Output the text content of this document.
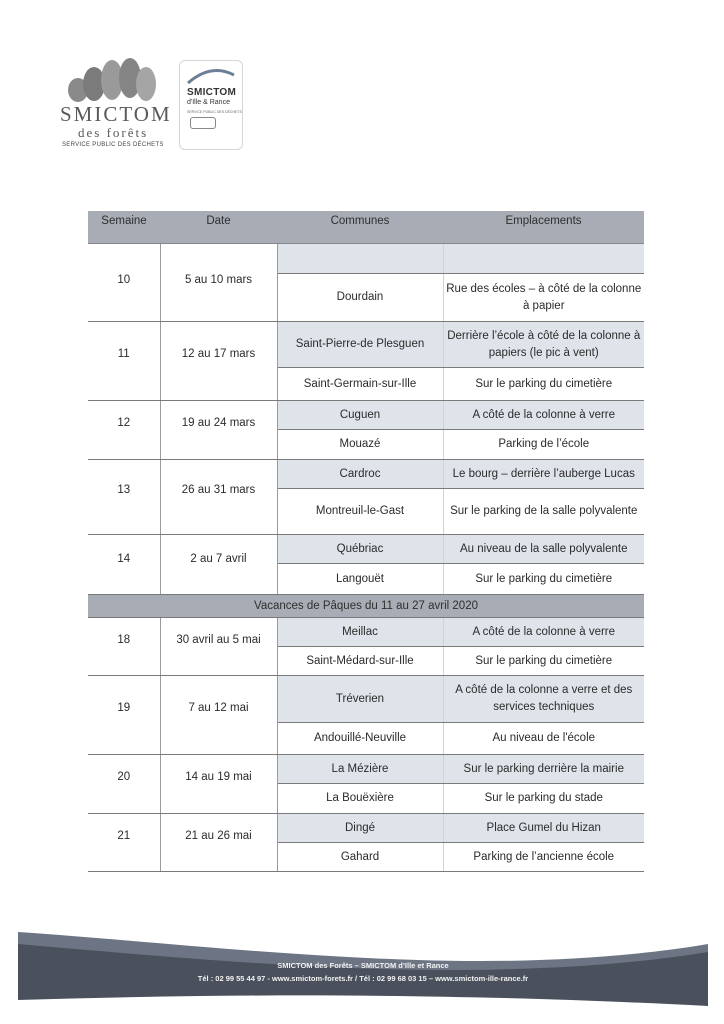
SMICTOM
des forêts
SERVICE PUBLIC DES DÉCHETS
SMICTOM
d'Ille & Rance
SERVICE PUBLIC DES DÉCHETS
Semaine	Date	Communes	Emplacements
10	5 au 10 mars		
		Dourdain	Rue des écoles – à côté de la colonne à papier
11	12 au 17 mars	Saint-Pierre-de Plesguen	Derrière l’école à côté de la colonne à papiers (le pic à vent)
		Saint-Germain-sur-Ille	Sur le parking du cimetière
12	19 au 24 mars	Cuguen	A côté de la colonne à verre
		Mouazé	Parking de l’école
13	26 au 31 mars	Cardroc	Le bourg – derrière l’auberge Lucas
		Montreuil-le-Gast	Sur le parking de la salle polyvalente
14	2 au 7 avril	Québriac	Au niveau de la salle polyvalente
		Langouët	Sur le parking du cimetière
Vacances de Pâques du 11 au 27 avril 2020			
18	30 avril au 5 mai	Meillac	A côté de la colonne à verre
		Saint-Médard-sur-Ille	Sur le parking du cimetière
19	7 au 12 mai	Tréverien	A côté de la colonne a verre et des services techniques
		Andouillé-Neuville	Au niveau de l'école
20	14 au 19 mai	La Mézière	Sur le parking derrière la mairie
		La Bouëxière	Sur le parking du stade
21	21 au 26 mai	Dingé	Place Gumel du Hizan
		Gahard	Parking de l’ancienne école
SMICTOM des Forêts – SMICTOM d’Ille et Rance
Tél : 02 99 55 44 97 - www.smictom-forets.fr / Tél : 02 99 68 03 15 – www.smictom-ille-rance.fr
